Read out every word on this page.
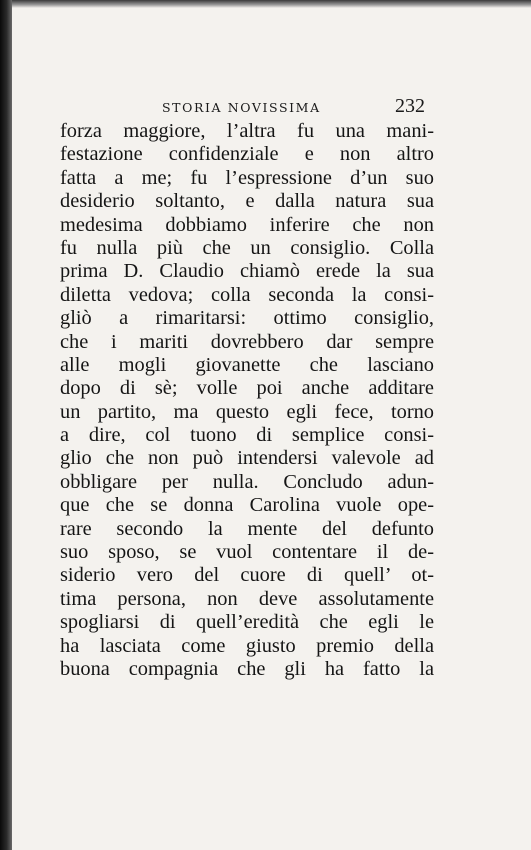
STORIA NOVISSIMA	232
forza maggiore, l’altra fu una mani-
festazione confidenziale e non altro
fatta a me; fu l’espressione d’un suo
desiderio soltanto, e dalla natura sua
medesima dobbiamo inferire che non
fu nulla più che un consiglio. Colla
prima D. Claudio chiamò erede la sua
diletta vedova; colla seconda la consi-
gliò a rimaritarsi: ottimo consiglio,
che i mariti dovrebbero dar sempre
alle mogli giovanette che lasciano
dopo di sè; volle poi anche additare
un partito, ma questo egli fece, torno
a dire, col tuono di semplice consi-
glio che non può intendersi valevole ad
obbligare per nulla. Concludo adun-
que che se donna Carolina vuole ope-
rare secondo la mente del defunto
suo sposo, se vuol contentare il de-
siderio vero del cuore di quell’ ot-
tima persona, non deve assolutamente
spogliarsi di quell’eredità che egli le
ha lasciata come giusto premio della
buona compagnia che gli ha fatto la
